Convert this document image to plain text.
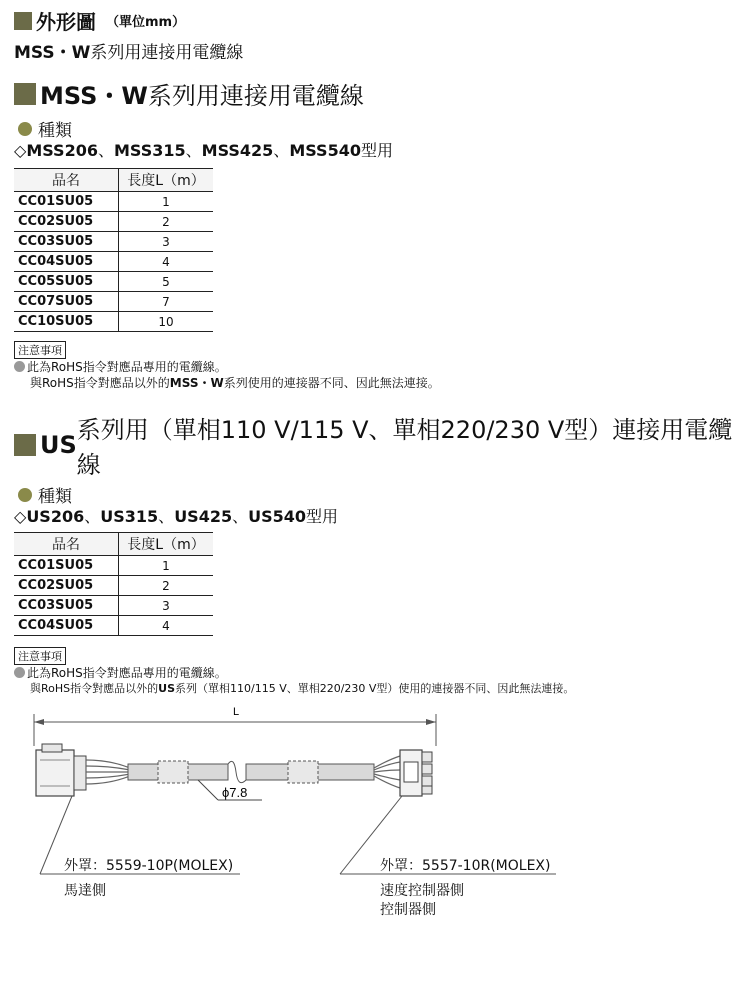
外形圖 （單位mm）
MSS・W系列用連接用電纜線
MSS・W 系列用連接用電纜線
種類
◇MSS206、MSS315、MSS425、MSS540型用
品名	長度L（m）
CC01SU05	1
CC02SU05	2
CC03SU05	3
CC04SU05	4
CC05SU05	5
CC07SU05	7
CC10SU05	10
注意事項
此為RoHS指令對應品專用的電纜線。
與RoHS指令對應品以外的MSS・W系列使用的連接器不同、因此無法連接。
US
系列用（單相110 V/115 V、單相220/230 V型）連接用電纜線
種類
◇US206、US315、US425、US540型用
品名	長度L（m）
CC01SU05	1
CC02SU05	2
CC03SU05	3
CC04SU05	4
注意事項
此為RoHS指令對應品專用的電纜線。
與RoHS指令對應品以外的US系列（單相110/115 V、單相220/230 V型）使用的連接器不同、因此無法連接。
L
ϕ7.8
外罩：5559-10P(MOLEX)
馬達側
外罩：5557-10R(MOLEX)
速度控制器側
控制器側
